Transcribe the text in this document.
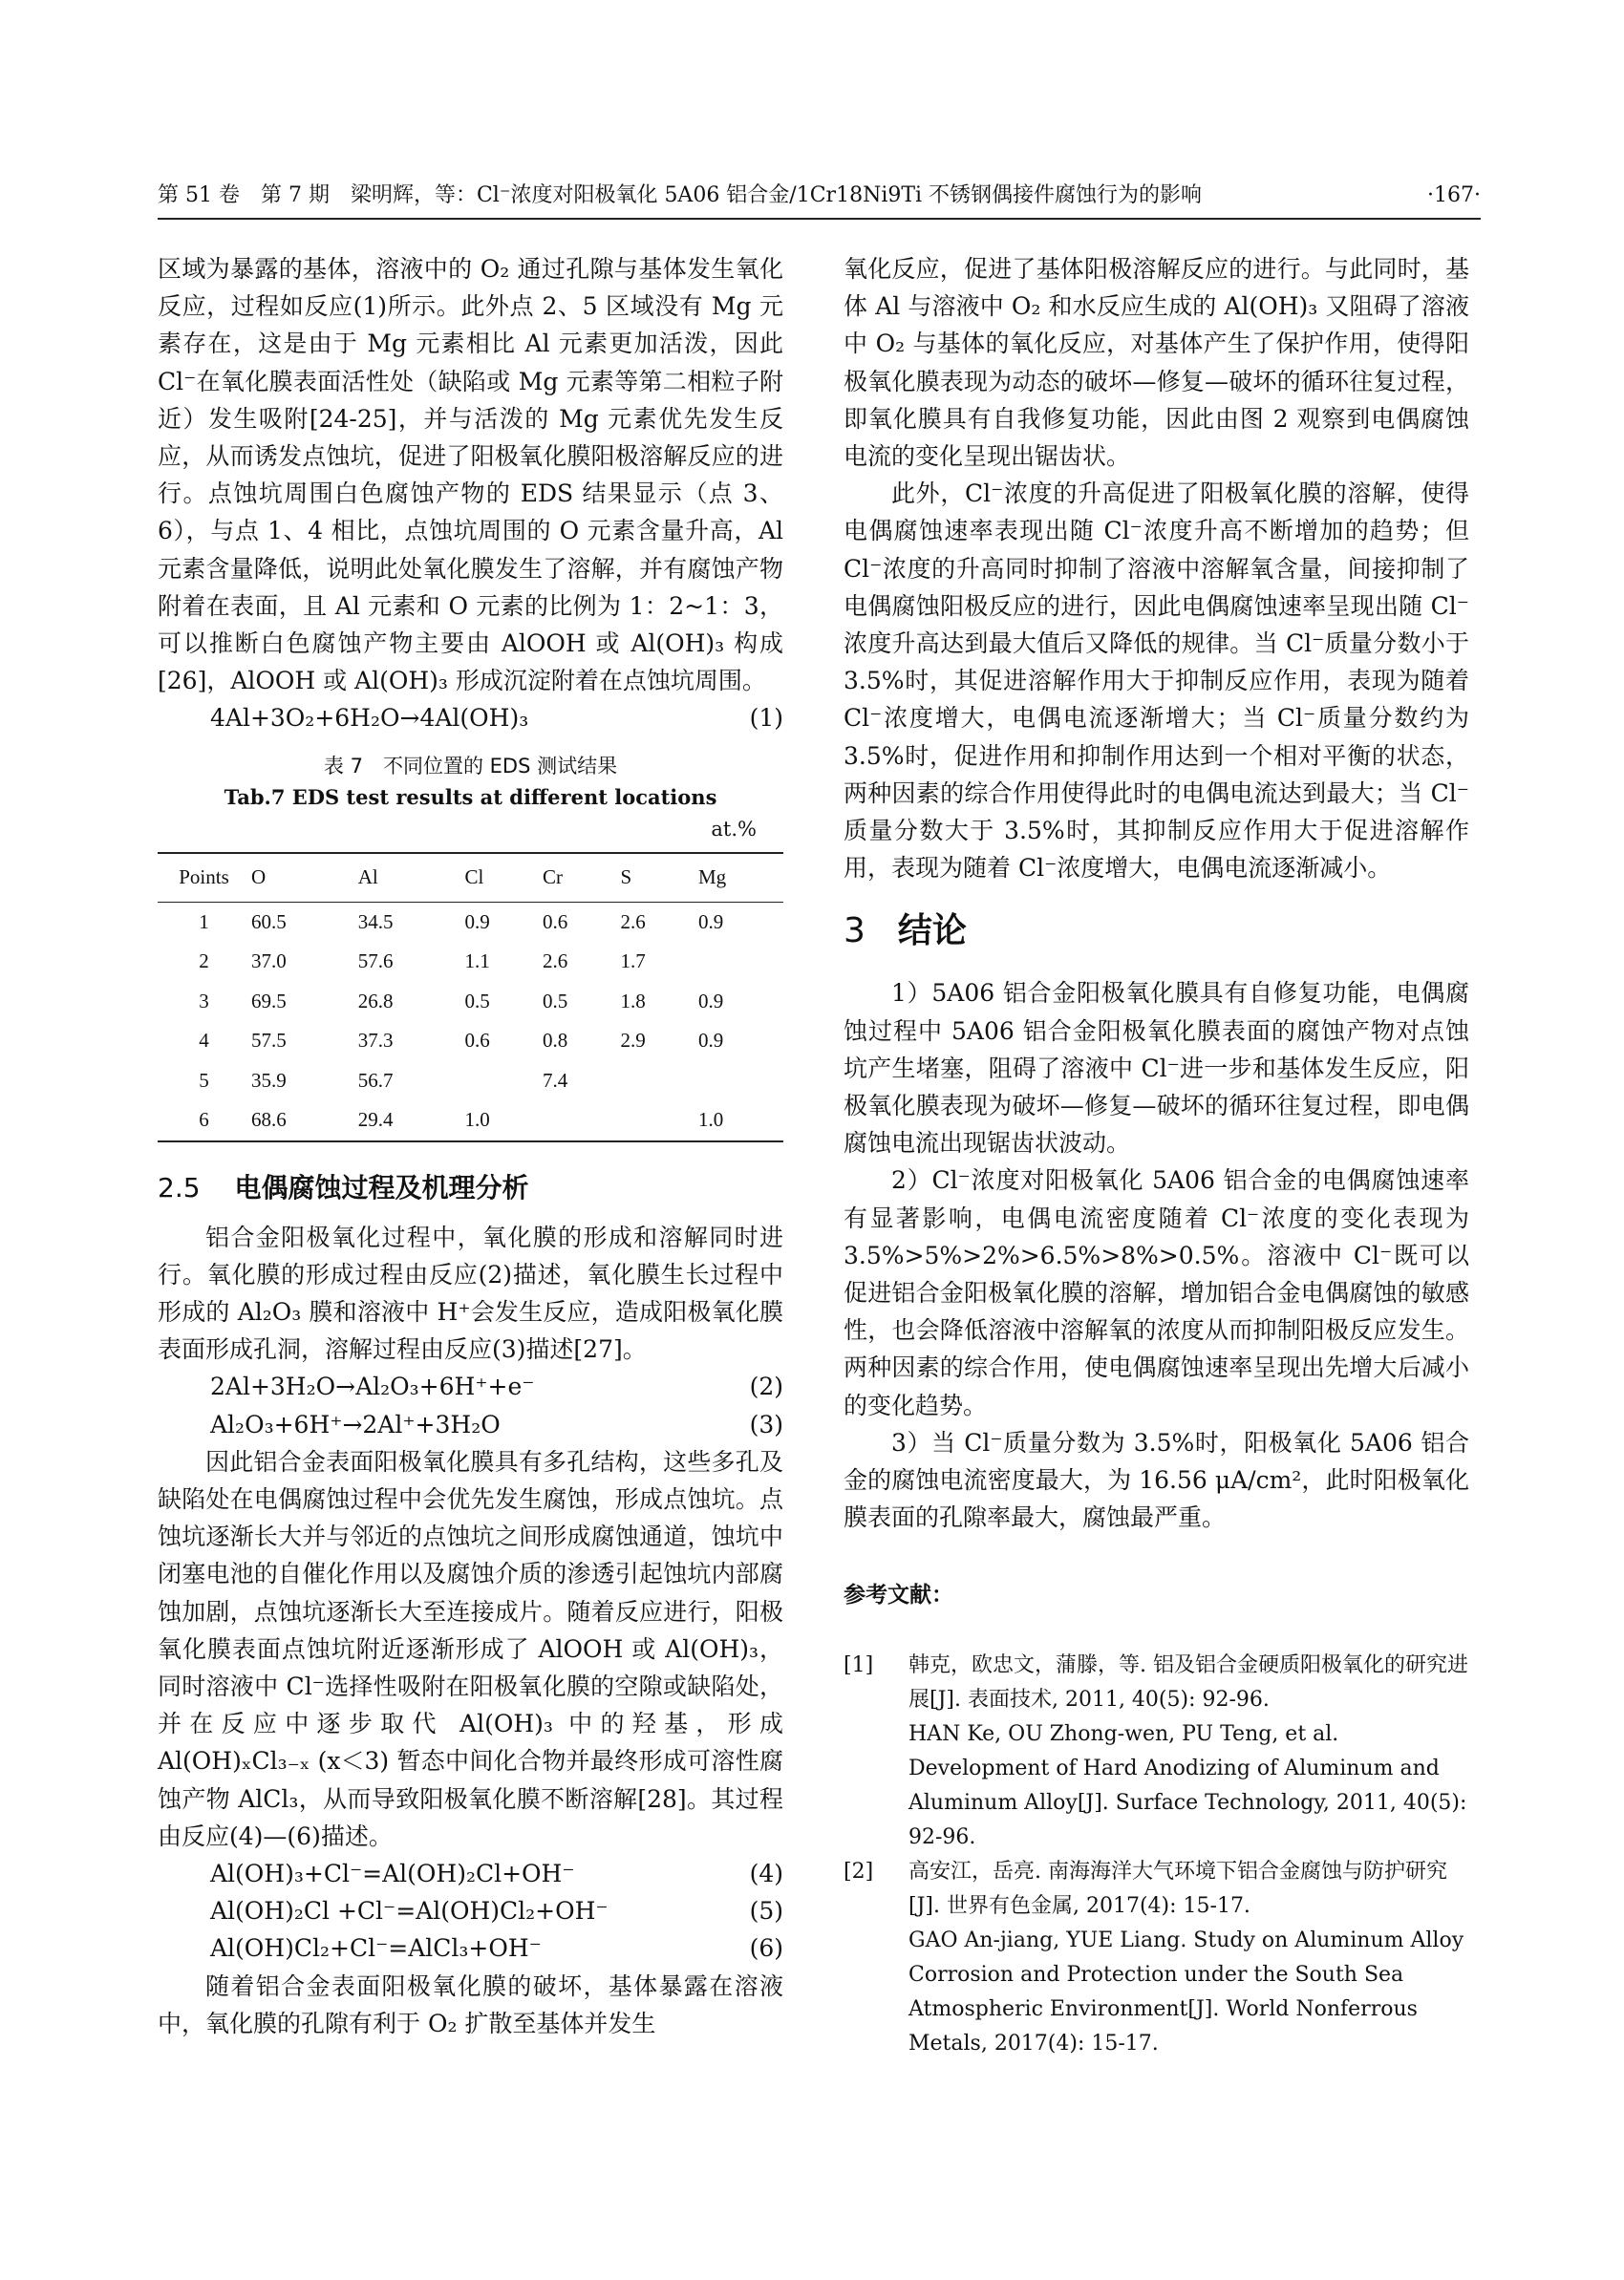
第 51 卷　第 7 期　梁明辉，等：Cl⁻浓度对阳极氧化 5A06 铝合金/1Cr18Ni9Ti 不锈钢偶接件腐蚀行为的影响	·167·

区域为暴露的基体，溶液中的 O₂ 通过孔隙与基体发生氧化反应，过程如反应(1)所示。此外点 2、5 区域没有 Mg 元素存在，这是由于 Mg 元素相比 Al 元素更加活泼，因此 Cl⁻在氧化膜表面活性处（缺陷或 Mg 元素等第二相粒子附近）发生吸附[24-25]，并与活泼的 Mg 元素优先发生反应，从而诱发点蚀坑，促进了阳极氧化膜阳极溶解反应的进行。点蚀坑周围白色腐蚀产物的 EDS 结果显示（点 3、6），与点 1、4 相比，点蚀坑周围的 O 元素含量升高，Al 元素含量降低，说明此处氧化膜发生了溶解，并有腐蚀产物附着在表面，且 Al 元素和 O 元素的比例为 1：2~1：3，可以推断白色腐蚀产物主要由 AlOOH 或 Al(OH)₃ 构成[26]，AlOOH 或 Al(OH)₃ 形成沉淀附着在点蚀坑周围。

4Al+3O₂+6H₂O→4Al(OH)₃	(1)
表 7　不同位置的 EDS 测试结果
Tab.7 EDS test results at different locations
at.%
Points	O	Al	Cl	Cr	S	Mg
1	60.5	34.5	0.9	0.6	2.6	0.9
2	37.0	57.6	1.1	2.6	1.7	
3	69.5	26.8	0.5	0.5	1.8	0.9
4	57.5	37.3	0.6	0.8	2.9	0.9
5	35.9	56.7		7.4		
6	68.6	29.4	1.0			1.0
2.5 电偶腐蚀过程及机理分析

铝合金阳极氧化过程中，氧化膜的形成和溶解同时进行。氧化膜的形成过程由反应(2)描述，氧化膜生长过程中形成的 Al₂O₃ 膜和溶液中 H⁺会发生反应，造成阳极氧化膜表面形成孔洞，溶解过程由反应(3)描述[27]。

2Al+3H₂O→Al₂O₃+6H⁺+e⁻	(2)
Al₂O₃+6H⁺→2Al⁺+3H₂O	(3)

因此铝合金表面阳极氧化膜具有多孔结构，这些多孔及缺陷处在电偶腐蚀过程中会优先发生腐蚀，形成点蚀坑。点蚀坑逐渐长大并与邻近的点蚀坑之间形成腐蚀通道，蚀坑中闭塞电池的自催化作用以及腐蚀介质的渗透引起蚀坑内部腐蚀加剧，点蚀坑逐渐长大至连接成片。随着反应进行，阳极氧化膜表面点蚀坑附近逐渐形成了 AlOOH 或 Al(OH)₃，同时溶液中 Cl⁻选择性吸附在阳极氧化膜的空隙或缺陷处，并在反应中逐步取代 Al(OH)₃ 中的羟基，形成 Al(OH)ₓCl₃₋ₓ (x＜3) 暂态中间化合物并最终形成可溶性腐蚀产物 AlCl₃，从而导致阳极氧化膜不断溶解[28]。其过程由反应(4)—(6)描述。

Al(OH)₃+Cl⁻=Al(OH)₂Cl+OH⁻	(4)
Al(OH)₂Cl +Cl⁻=Al(OH)Cl₂+OH⁻	(5)
Al(OH)Cl₂+Cl⁻=AlCl₃+OH⁻	(6)

随着铝合金表面阳极氧化膜的破坏，基体暴露在溶液中，氧化膜的孔隙有利于 O₂ 扩散至基体并发生

氧化反应，促进了基体阳极溶解反应的进行。与此同时，基体 Al 与溶液中 O₂ 和水反应生成的 Al(OH)₃ 又阻碍了溶液中 O₂ 与基体的氧化反应，对基体产生了保护作用，使得阳极氧化膜表现为动态的破坏—修复—破坏的循环往复过程，即氧化膜具有自我修复功能，因此由图 2 观察到电偶腐蚀电流的变化呈现出锯齿状。

此外，Cl⁻浓度的升高促进了阳极氧化膜的溶解，使得电偶腐蚀速率表现出随 Cl⁻浓度升高不断增加的趋势；但 Cl⁻浓度的升高同时抑制了溶液中溶解氧含量，间接抑制了电偶腐蚀阳极反应的进行，因此电偶腐蚀速率呈现出随 Cl⁻浓度升高达到最大值后又降低的规律。当 Cl⁻质量分数小于 3.5%时，其促进溶解作用大于抑制反应作用，表现为随着 Cl⁻浓度增大，电偶电流逐渐增大；当 Cl⁻质量分数约为 3.5%时，促进作用和抑制作用达到一个相对平衡的状态，两种因素的综合作用使得此时的电偶电流达到最大；当 Cl⁻质量分数大于 3.5%时，其抑制反应作用大于促进溶解作用，表现为随着 Cl⁻浓度增大，电偶电流逐渐减小。

3 结论

1）5A06 铝合金阳极氧化膜具有自修复功能，电偶腐蚀过程中 5A06 铝合金阳极氧化膜表面的腐蚀产物对点蚀坑产生堵塞，阻碍了溶液中 Cl⁻进一步和基体发生反应，阳极氧化膜表现为破坏—修复—破坏的循环往复过程，即电偶腐蚀电流出现锯齿状波动。

2）Cl⁻浓度对阳极氧化 5A06 铝合金的电偶腐蚀速率有显著影响，电偶电流密度随着 Cl⁻浓度的变化表现为 3.5%>5%>2%>6.5%>8%>0.5%。溶液中 Cl⁻既可以促进铝合金阳极氧化膜的溶解，增加铝合金电偶腐蚀的敏感性，也会降低溶液中溶解氧的浓度从而抑制阳极反应发生。两种因素的综合作用，使电偶腐蚀速率呈现出先增大后减小的变化趋势。

3）当 Cl⁻质量分数为 3.5%时，阳极氧化 5A06 铝合金的腐蚀电流密度最大，为 16.56 μA/cm²，此时阳极氧化膜表面的孔隙率最大，腐蚀最严重。

参考文献：
[1] 韩克，欧忠文，蒲滕，等. 铝及铝合金硬质阳极氧化的研究进展[J]. 表面技术, 2011, 40(5): 92-96.
HAN Ke, OU Zhong-wen, PU Teng, et al. Development of Hard Anodizing of Aluminum and Aluminum Alloy[J]. Surface Technology, 2011, 40(5): 92-96.
[2] 高安江，岳亮. 南海海洋大气环境下铝合金腐蚀与防护研究[J]. 世界有色金属, 2017(4): 15-17.
GAO An-jiang, YUE Liang. Study on Aluminum Alloy Corrosion and Protection under the South Sea Atmospheric Environment[J]. World Nonferrous Metals, 2017(4): 15-17.
